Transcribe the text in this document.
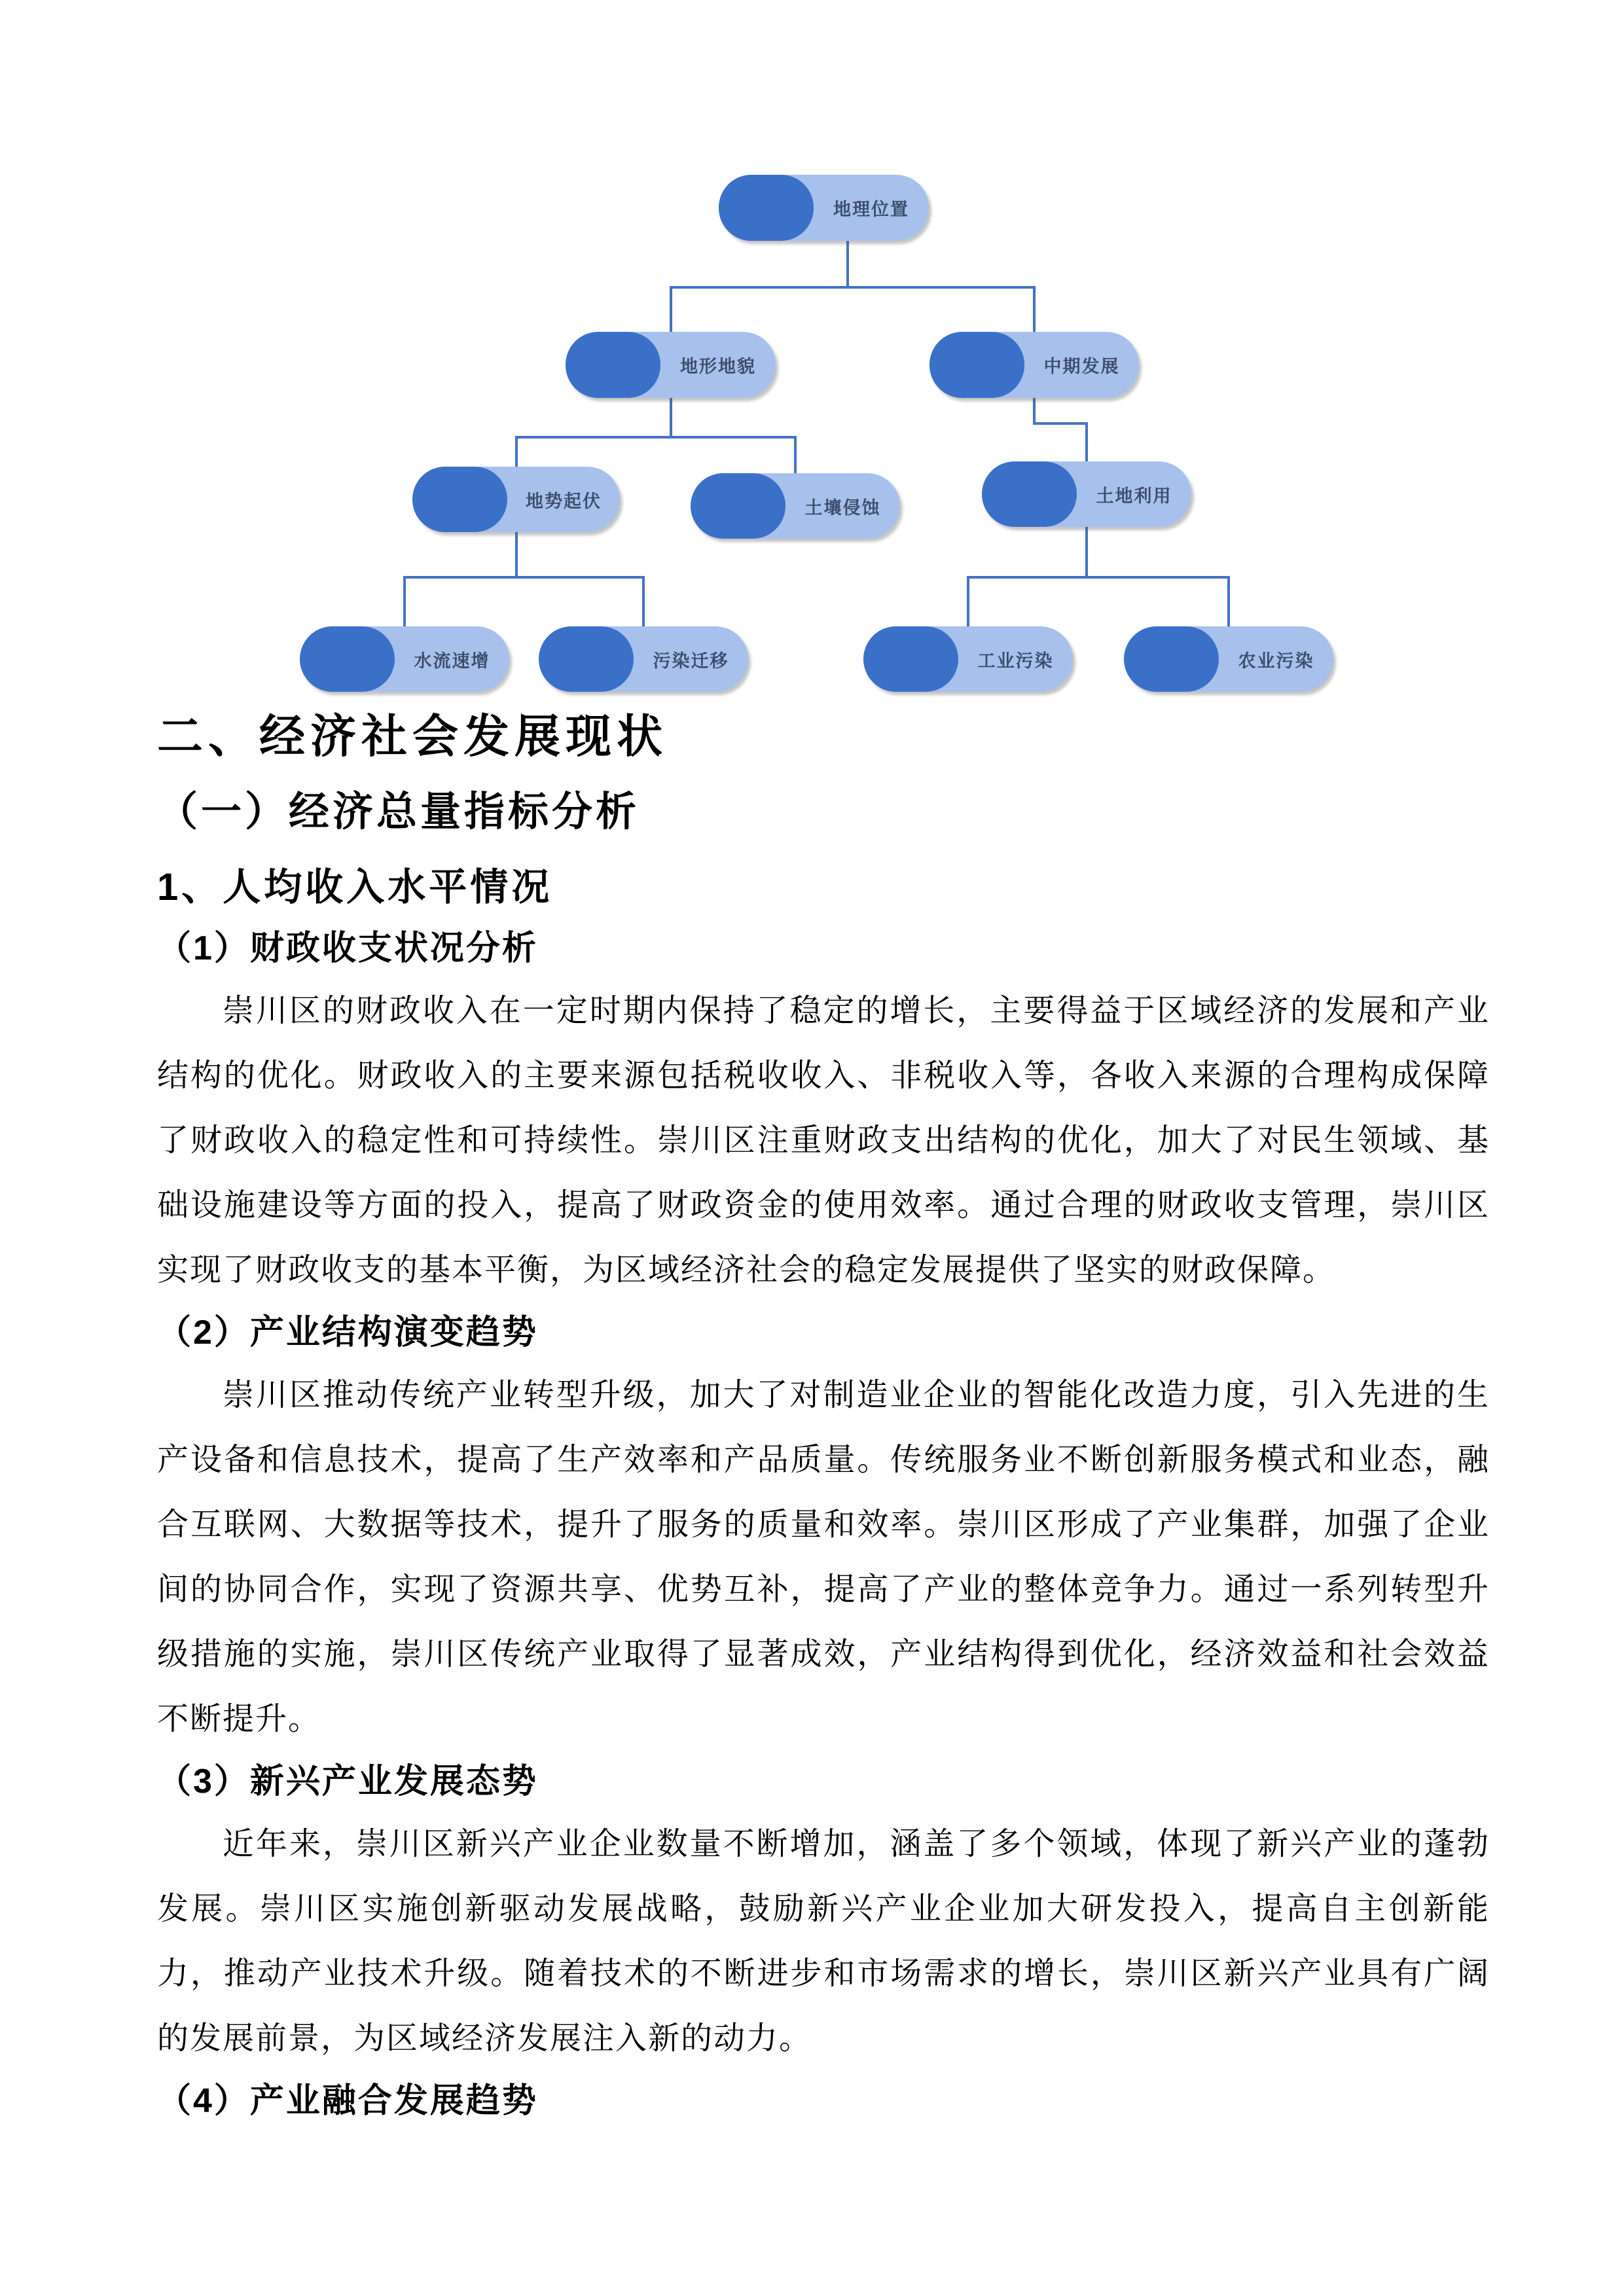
地理位置
地形地貌	中期发展
地势起伏	土壤侵蚀
土地利用
水流速增	污染迁移	工业污染	农业污染
二、经济社会发展现状
（一）经济总量指标分析
1、人均收入水平情况
（1）财政收支状况分析

崇川区的财政收入在一定时期内保持了稳定的增长，主要得益于区域经济的发展和产业结构的优化。财政收入的主要来源包括税收收入、非税收入等，各收入来源的合理构成保障了财政收入的稳定性和可持续性。崇川区注重财政支出结构的优化，加大了对民生领域、基础设施建设等方面的投入，提高了财政资金的使用效率。通过合理的财政收支管理，崇川区实现了财政收支的基本平衡，为区域经济社会的稳定发展提供了坚实的财政保障。

（2）产业结构演变趋势

崇川区推动传统产业转型升级，加大了对制造业企业的智能化改造力度，引入先进的生产设备和信息技术，提高了生产效率和产品质量。传统服务业不断创新服务模式和业态，融合互联网、大数据等技术，提升了服务的质量和效率。崇川区形成了产业集群，加强了企业间的协同合作，实现了资源共享、优势互补，提高了产业的整体竞争力。通过一系列转型升级措施的实施，崇川区传统产业取得了显著成效，产业结构得到优化，经济效益和社会效益不断提升。

（3）新兴产业发展态势

近年来，崇川区新兴产业企业数量不断增加，涵盖了多个领域，体现了新兴产业的蓬勃发展。崇川区实施创新驱动发展战略，鼓励新兴产业企业加大研发投入，提高自主创新能力，推动产业技术升级。随着技术的不断进步和市场需求的增长，崇川区新兴产业具有广阔的发展前景，为区域经济发展注入新的动力。

（4）产业融合发展趋势
